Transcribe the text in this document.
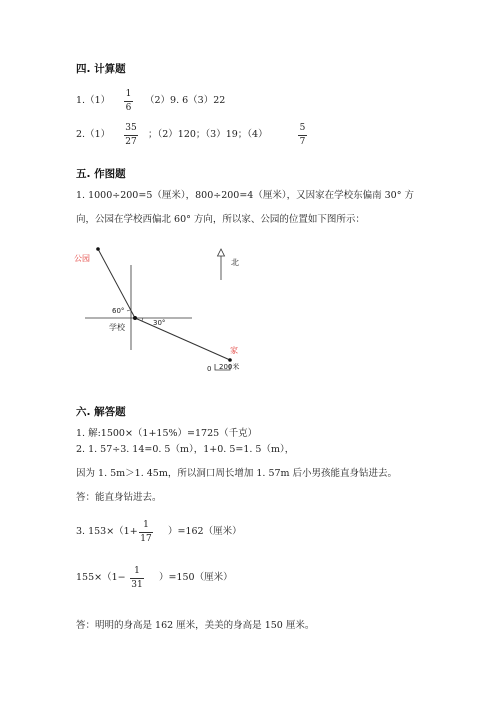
四. 计算题
1.（1）
1
6
（2）9. 6（3）22
2.（1）
35
27
；（2）120；（3）19；（4）
5
7
五. 作图题
1. 1000÷200=5（厘米），800÷200=4（厘米），又因家在学校东偏南 30° 方
向，公园在学校西偏北 60° 方向，所以家、公园的位置如下图所示：
公园	北
60°
30°
学校
家
0 200米
六. 解答题
1. 解:1500×（1+15%）=1725（千克）
2. 1. 57÷3. 14=0. 5（m），1+0. 5=1. 5（m），
因为 1. 5m＞1. 45m，所以洞口周长增加 1. 57m 后小男孩能直身钻进去。
答：能直身钻进去。
3. 153×（1+
1
17
）=162（厘米）
155×（1−
1
31
）=150（厘米）
答：明明的身高是 162 厘米，美美的身高是 150 厘米。
